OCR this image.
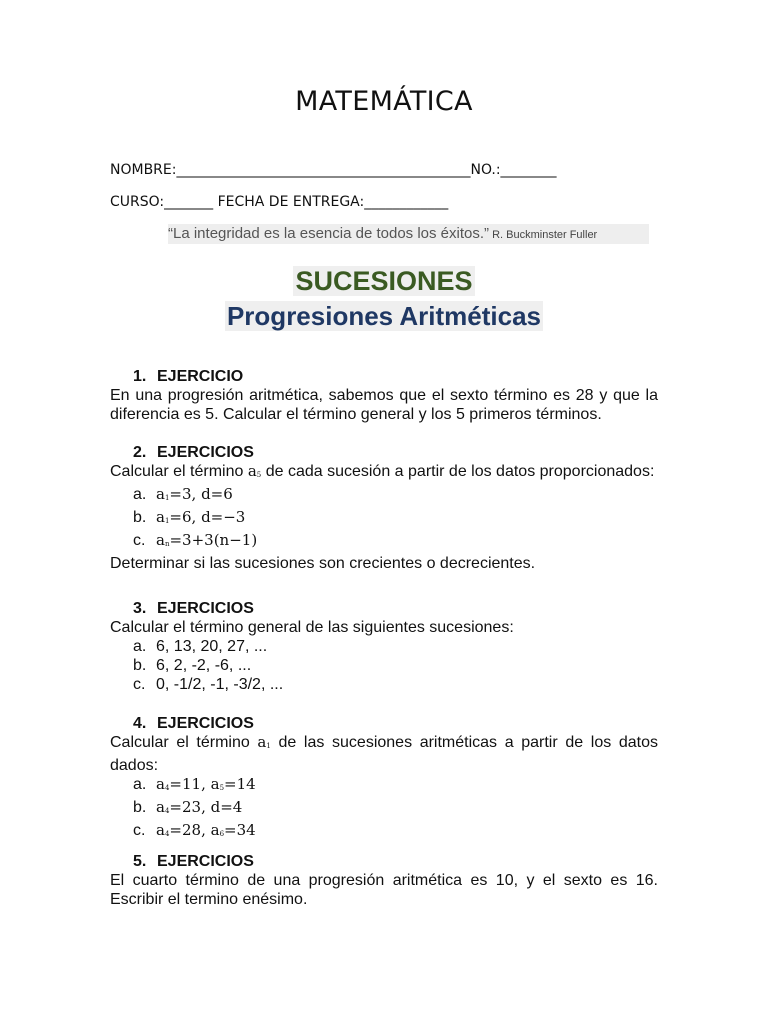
MATEMÁTICA
NOMBRE:__________________________________________NO.:________
CURSO:_______ FECHA DE ENTREGA:____________
“La integridad es la esencia de todos los éxitos.” R. Buckminster Fuller
SUCESIONES
Progresiones Aritméticas
1. EJERCICIO
En una progresión aritmética, sabemos que el sexto término es 28 y que la diferencia es 5. Calcular el término general y los 5 primeros términos.
2. EJERCICIOS
Calcular el término $a_5$ de cada sucesión a partir de los datos proporcionados:
a. $a_1=3$, d=6
b. $a_1=6$, d=−3
c. $a_n=3+3(n-1)$
Determinar si las sucesiones son crecientes o decrecientes.
3. EJERCICIOS
Calcular el término general de las siguientes sucesiones:
a. 6, 13, 20, 27, ...
b. 6, 2, -2, -6, ...
c. 0, -1/2, -1, -3/2, ...
4. EJERCICIOS
Calcular el término $a_1$ de las sucesiones aritméticas a partir de los datos dados:
a. $a_4=11$, $a_5=14$
b. $a_4=23$, d=4
c. $a_4=28$, $a_6=34$
5. EJERCICIOS
El cuarto término de una progresión aritmética es 10, y el sexto es 16. Escribir el termino enésimo.
